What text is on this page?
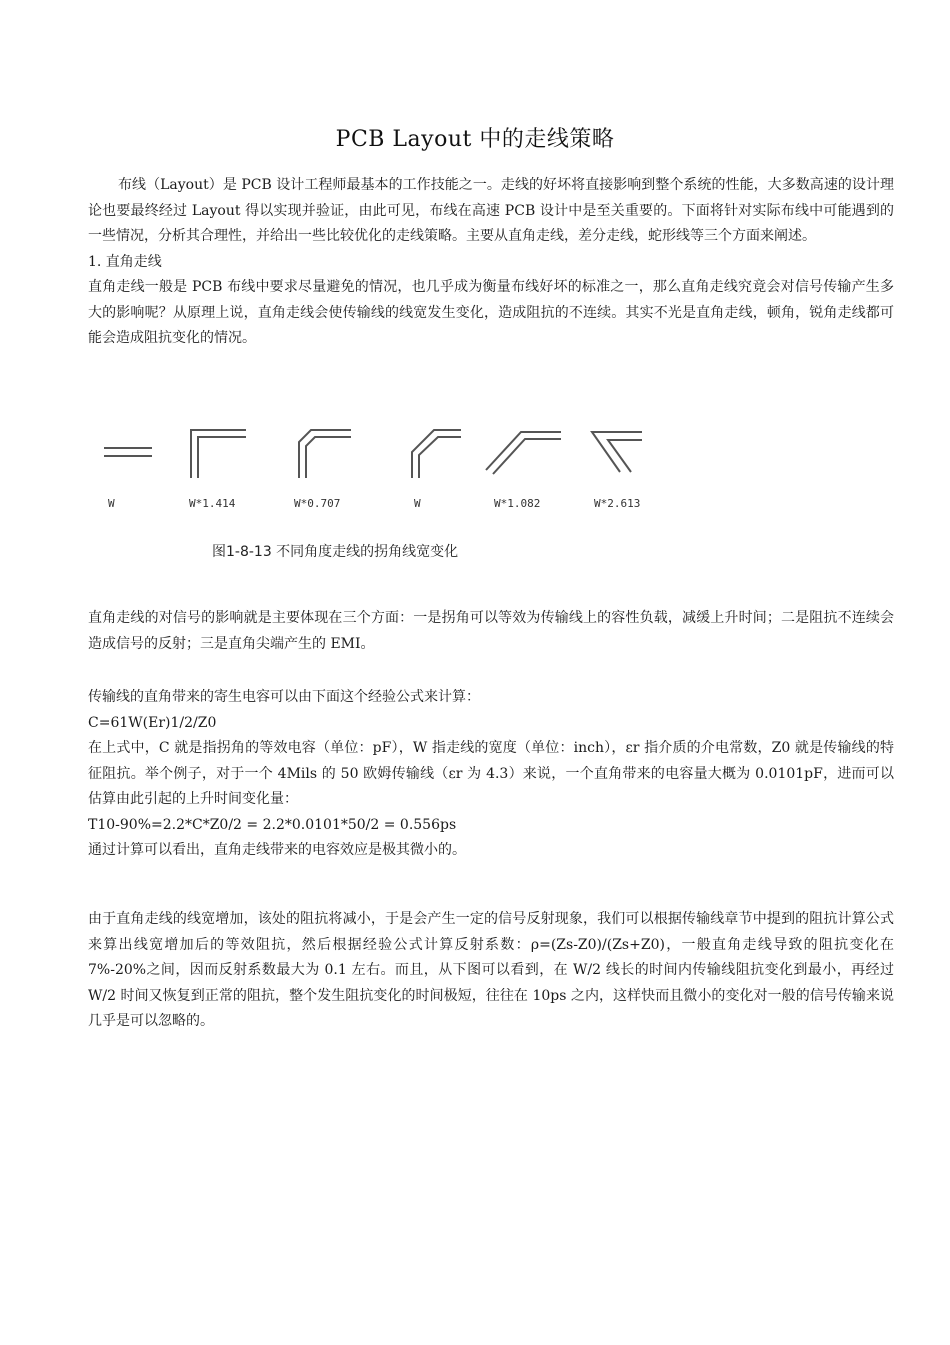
PCB Layout 中的走线策略

布线（Layout）是 PCB 设计工程师最基本的工作技能之一。走线的好坏将直接影响到整个系统的性能，大多数高速的设计理论也要最终经过 Layout 得以实现并验证，由此可见，布线在高速 PCB 设计中是至关重要的。下面将针对实际布线中可能遇到的一些情况，分析其合理性，并给出一些比较优化的走线策略。主要从直角走线，差分走线，蛇形线等三个方面来阐述。

1. 直角走线

直角走线一般是 PCB 布线中要求尽量避免的情况，也几乎成为衡量布线好坏的标准之一，那么直角走线究竟会对信号传输产生多大的影响呢？从原理上说，直角走线会使传输线的线宽发生变化，造成阻抗的不连续。其实不光是直角走线，顿角，锐角走线都可能会造成阻抗变化的情况。

W	W*1.414	W*0.707	W	W*1.082	W*2.613
图1-8-13 不同角度走线的拐角线宽变化

直角走线的对信号的影响就是主要体现在三个方面：一是拐角可以等效为传输线上的容性负载，减缓上升时间；二是阻抗不连续会造成信号的反射；三是直角尖端产生的 EMI。

传输线的直角带来的寄生电容可以由下面这个经验公式来计算：

C=61W(Er)1/2/Z0

在上式中，C 就是指拐角的等效电容（单位：pF），W 指走线的宽度（单位：inch），εr 指介质的介电常数，Z0 就是传输线的特征阻抗。举个例子，对于一个 4Mils 的 50 欧姆传输线（εr 为 4.3）来说，一个直角带来的电容量大概为 0.0101pF，进而可以估算由此引起的上升时间变化量：

T10-90%=2.2*C*Z0/2 = 2.2*0.0101*50/2 = 0.556ps

通过计算可以看出，直角走线带来的电容效应是极其微小的。

由于直角走线的线宽增加，该处的阻抗将减小，于是会产生一定的信号反射现象，我们可以根据传输线章节中提到的阻抗计算公式来算出线宽增加后的等效阻抗，然后根据经验公式计算反射系数：ρ=(Zs-Z0)/(Zs+Z0)，一般直角走线导致的阻抗变化在 7%-20%之间，因而反射系数最大为 0.1 左右。而且，从下图可以看到，在 W/2 线长的时间内传输线阻抗变化到最小，再经过 W/2 时间又恢复到正常的阻抗，整个发生阻抗变化的时间极短，往往在 10ps 之内，这样快而且微小的变化对一般的信号传输来说几乎是可以忽略的。
